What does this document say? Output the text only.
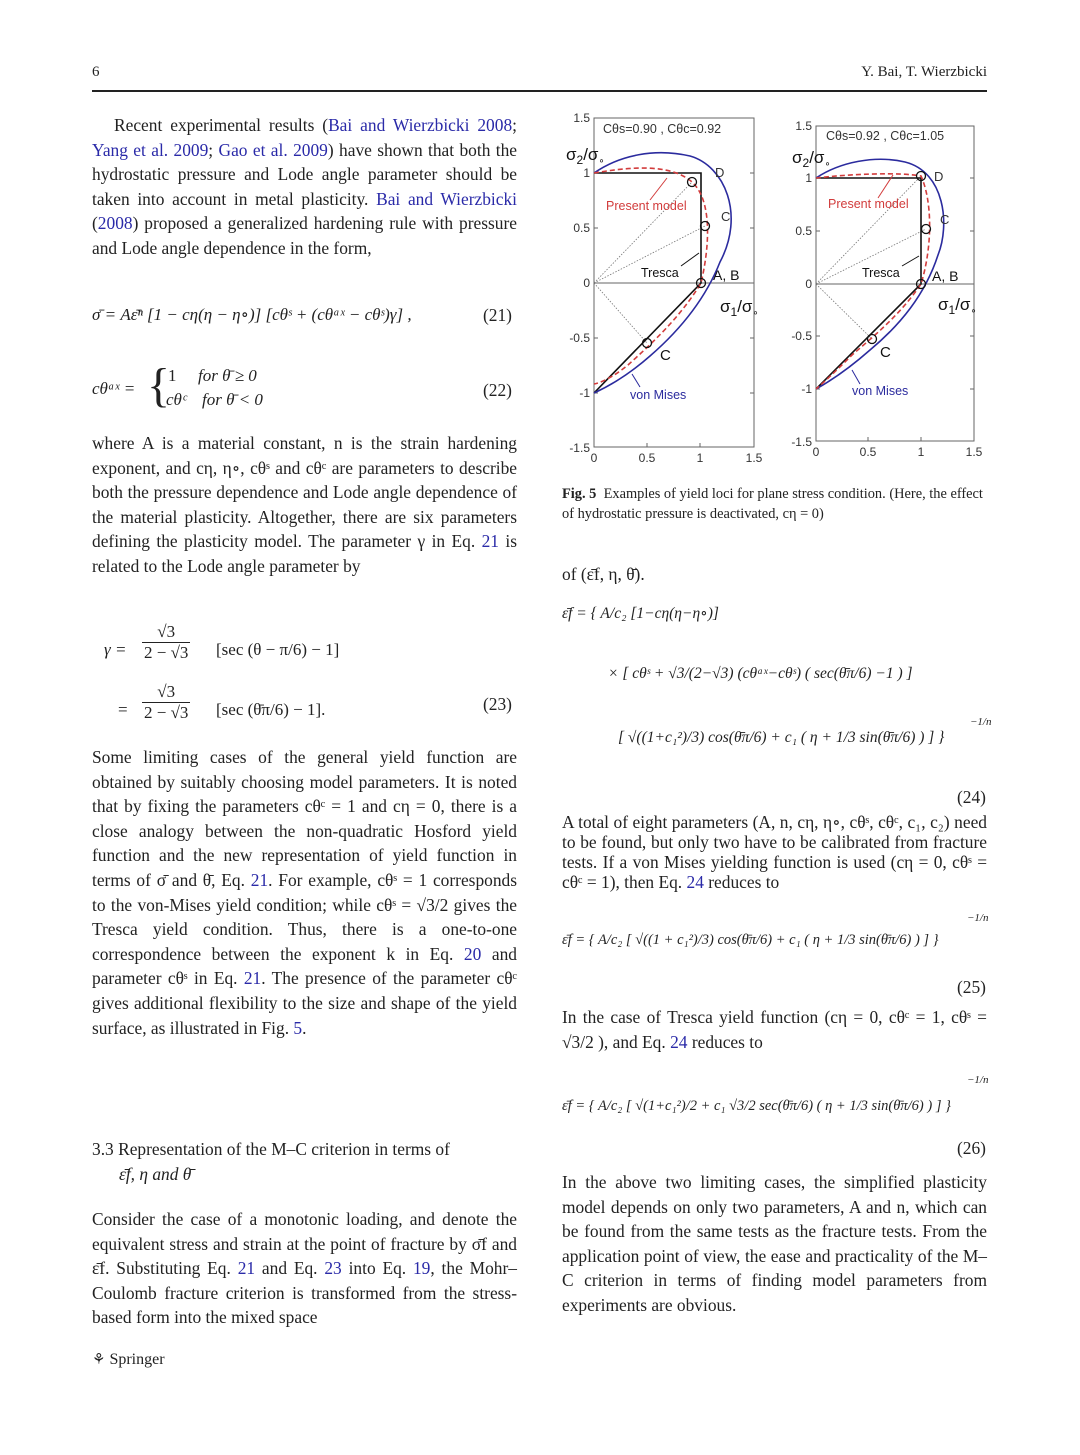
6	Y. Bai, T. Wierzbicki

Recent experimental results (Bai and Wierzbicki 2008; Yang et al. 2009; Gao et al. 2009) have shown that both the hydrostatic pressure and Lode angle parameter should be taken into account in metal plasticity. Bai and Wierzbicki (2008) proposed a generalized hardening rule with pressure and Lode angle dependence in the form,

σ̄ = Aε̄ⁿ [1 − cη(η − η∘)] [cθˢ + (cθᵃˣ − cθˢ)γ] ,	(21)
cθᵃˣ = {
1 for θ̄ ≥ 0
cθᶜ for θ̄ < 0	(22)

where A is a material constant, n is the strain hardening exponent, and cη, η∘, cθˢ and cθᶜ are parameters to describe both the pressure dependence and Lode angle dependence of the material plasticity. Altogether, there are six parameters defining the plasticity model. The parameter γ in Eq. 21 is related to the Lode angle parameter by

$\gamma = \frac{√3}{2 - √3} [\sec$ (θ − π/6) − 1]
= $\frac{√3}{2 - √3} [\sec$ (θ̄π/6) − 1].	(23)

Some limiting cases of the general yield function are obtained by suitably choosing model parameters. It is noted that by fixing the parameters cθᶜ = 1 and cη = 0, there is a close analogy between the non-quadratic Hosford yield function and the new representation of yield function in terms of σ̄ and θ̄, Eq. 21. For example, cθˢ = 1 corresponds to the von-Mises yield condition; while cθˢ = √3/2 gives the Tresca yield condition. Thus, there is a one-to-one correspondence between the exponent k in Eq. 20 and parameter cθˢ in Eq. 21. The presence of the parameter cθᶜ gives additional flexibility to the size and shape of the yield surface, as illustrated in Fig. 5.

3.3 Representation of the M–C criterion in terms of
ε̄f, η and θ̄

Consider the case of a monotonic loading, and denote the equivalent stress and strain at the point of fracture by σ̄f and ε̄f. Substituting Eq. 21 and Eq. 23 into Eq. 19, the Mohr–Coulomb fracture criterion is transformed from the stress-based form into the mixed space

⚘ Springer
1.5
1
0.5
0
-0.5
-1
-1.5
0	0.5	1	1.5
Cθs=0.90 , Cθc=0.92
$\sigma_2/\sigma_\circ$
$\sigma_1/\sigma_\circ$
D
C
A, B
C
Present model
Tresca
von Mises
1.5
1
0.5
0
-0.5
-1
-1.5
0	0.5	1	1.5
Cθs=0.92 , Cθc=1.05
$\sigma_2/\sigma_\circ$
$\sigma_1/\sigma_\circ$
D
C
A, B
C
Present model
Tresca
von Mises
Fig. 5 Examples of yield loci for plane stress condition. (Here, the effect of hydrostatic pressure is deactivated, cη = 0)

of (ε̄f, η, θ̄).

ε̄f = { A/c₂ [1−cη(η−η∘)]
× [ cθˢ + √3/(2−√3) (cθᵃˣ−cθˢ) ( sec(θ̄π/6) −1 ) ]
[ √((1+c₁²)/3) cos(θ̄π/6) + c₁ ( η + 1/3 sin(θ̄π/6) ) ] }
−1/n
(24)

A total of eight parameters (A, n, cη, η∘, cθˢ, cθᶜ, c₁, c₂) need to be found, but only two have to be calibrated from fracture tests. If a von Mises yielding function is used (cη = 0, cθˢ = cθᶜ = 1), then Eq. 24 reduces to

ε̄f = { A/c₂ [ √((1 + c₁²)/3) cos(θ̄π/6) + c₁ ( η + 1/3 sin(θ̄π/6) ) ] }
−1/n
(25)

In the case of Tresca yield function (cη = 0, cθᶜ = 1, cθˢ = √3/2 ), and Eq. 24 reduces to

ε̄f = { A/c₂ [ √(1+c₁²)/2 + c₁ √3/2 sec(θ̄π/6) ( η + 1/3 sin(θ̄π/6) ) ] }
−1/n
(26)

In the above two limiting cases, the simplified plasticity model depends on only two parameters, A and n, which can be found from the same tests as the fracture tests. From the application point of view, the ease and practicality of the M–C criterion in terms of finding model parameters from experiments are obvious.
